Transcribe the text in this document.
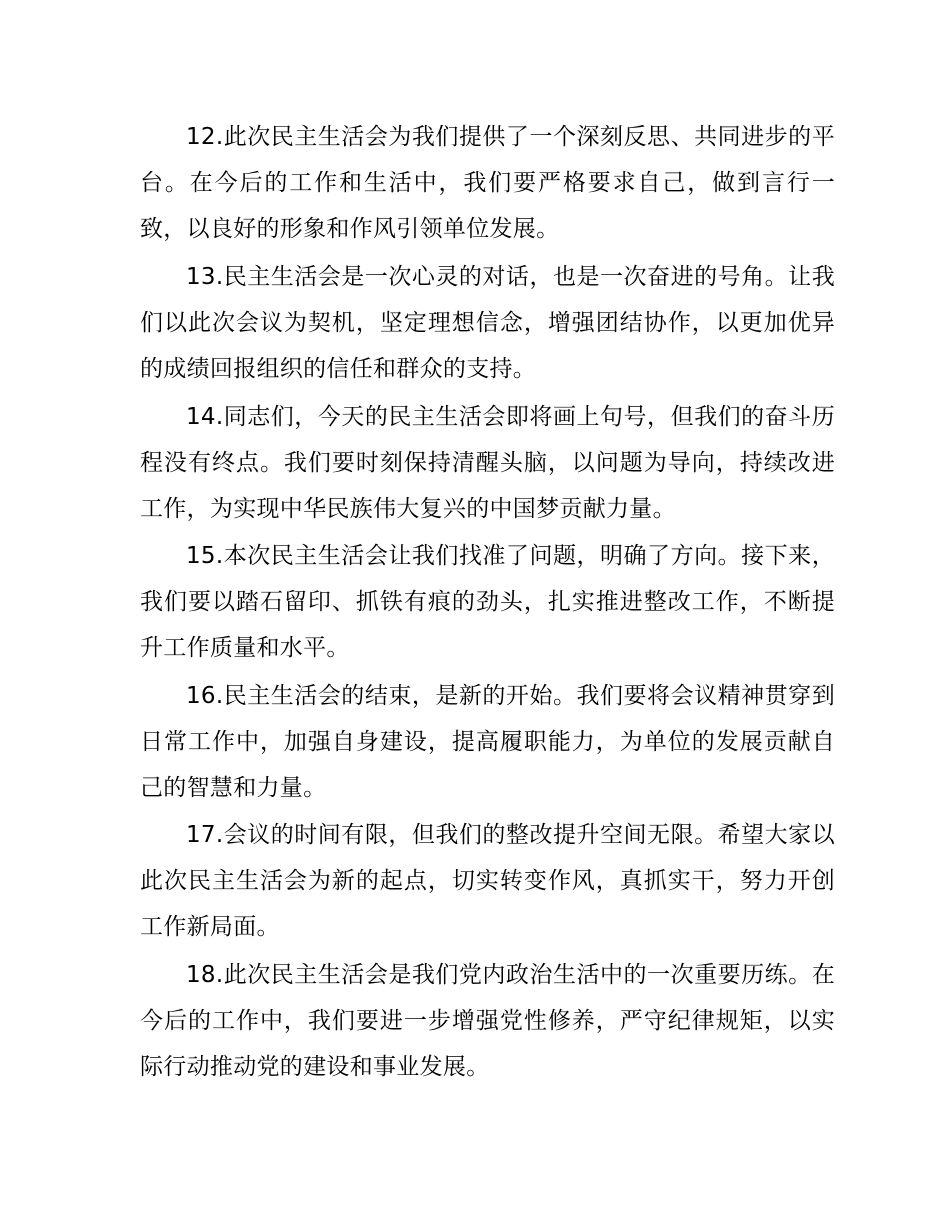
12.此次民主生活会为我们提供了一个深刻反思、共同进步的平台。在今后的工作和生活中，我们要严格要求自己，做到言行一致，以良好的形象和作风引领单位发展。

13.民主生活会是一次心灵的对话，也是一次奋进的号角。让我们以此次会议为契机，坚定理想信念，增强团结协作，以更加优异的成绩回报组织的信任和群众的支持。

14.同志们，今天的民主生活会即将画上句号，但我们的奋斗历程没有终点。我们要时刻保持清醒头脑，以问题为导向，持续改进工作，为实现中华民族伟大复兴的中国梦贡献力量。

15.本次民主生活会让我们找准了问题，明确了方向。接下来，我们要以踏石留印、抓铁有痕的劲头，扎实推进整改工作，不断提升工作质量和水平。

16.民主生活会的结束，是新的开始。我们要将会议精神贯穿到日常工作中，加强自身建设，提高履职能力，为单位的发展贡献自己的智慧和力量。

17.会议的时间有限，但我们的整改提升空间无限。希望大家以此次民主生活会为新的起点，切实转变作风，真抓实干，努力开创工作新局面。

18.此次民主生活会是我们党内政治生活中的一次重要历练。在今后的工作中，我们要进一步增强党性修养，严守纪律规矩，以实际行动推动党的建设和事业发展。
